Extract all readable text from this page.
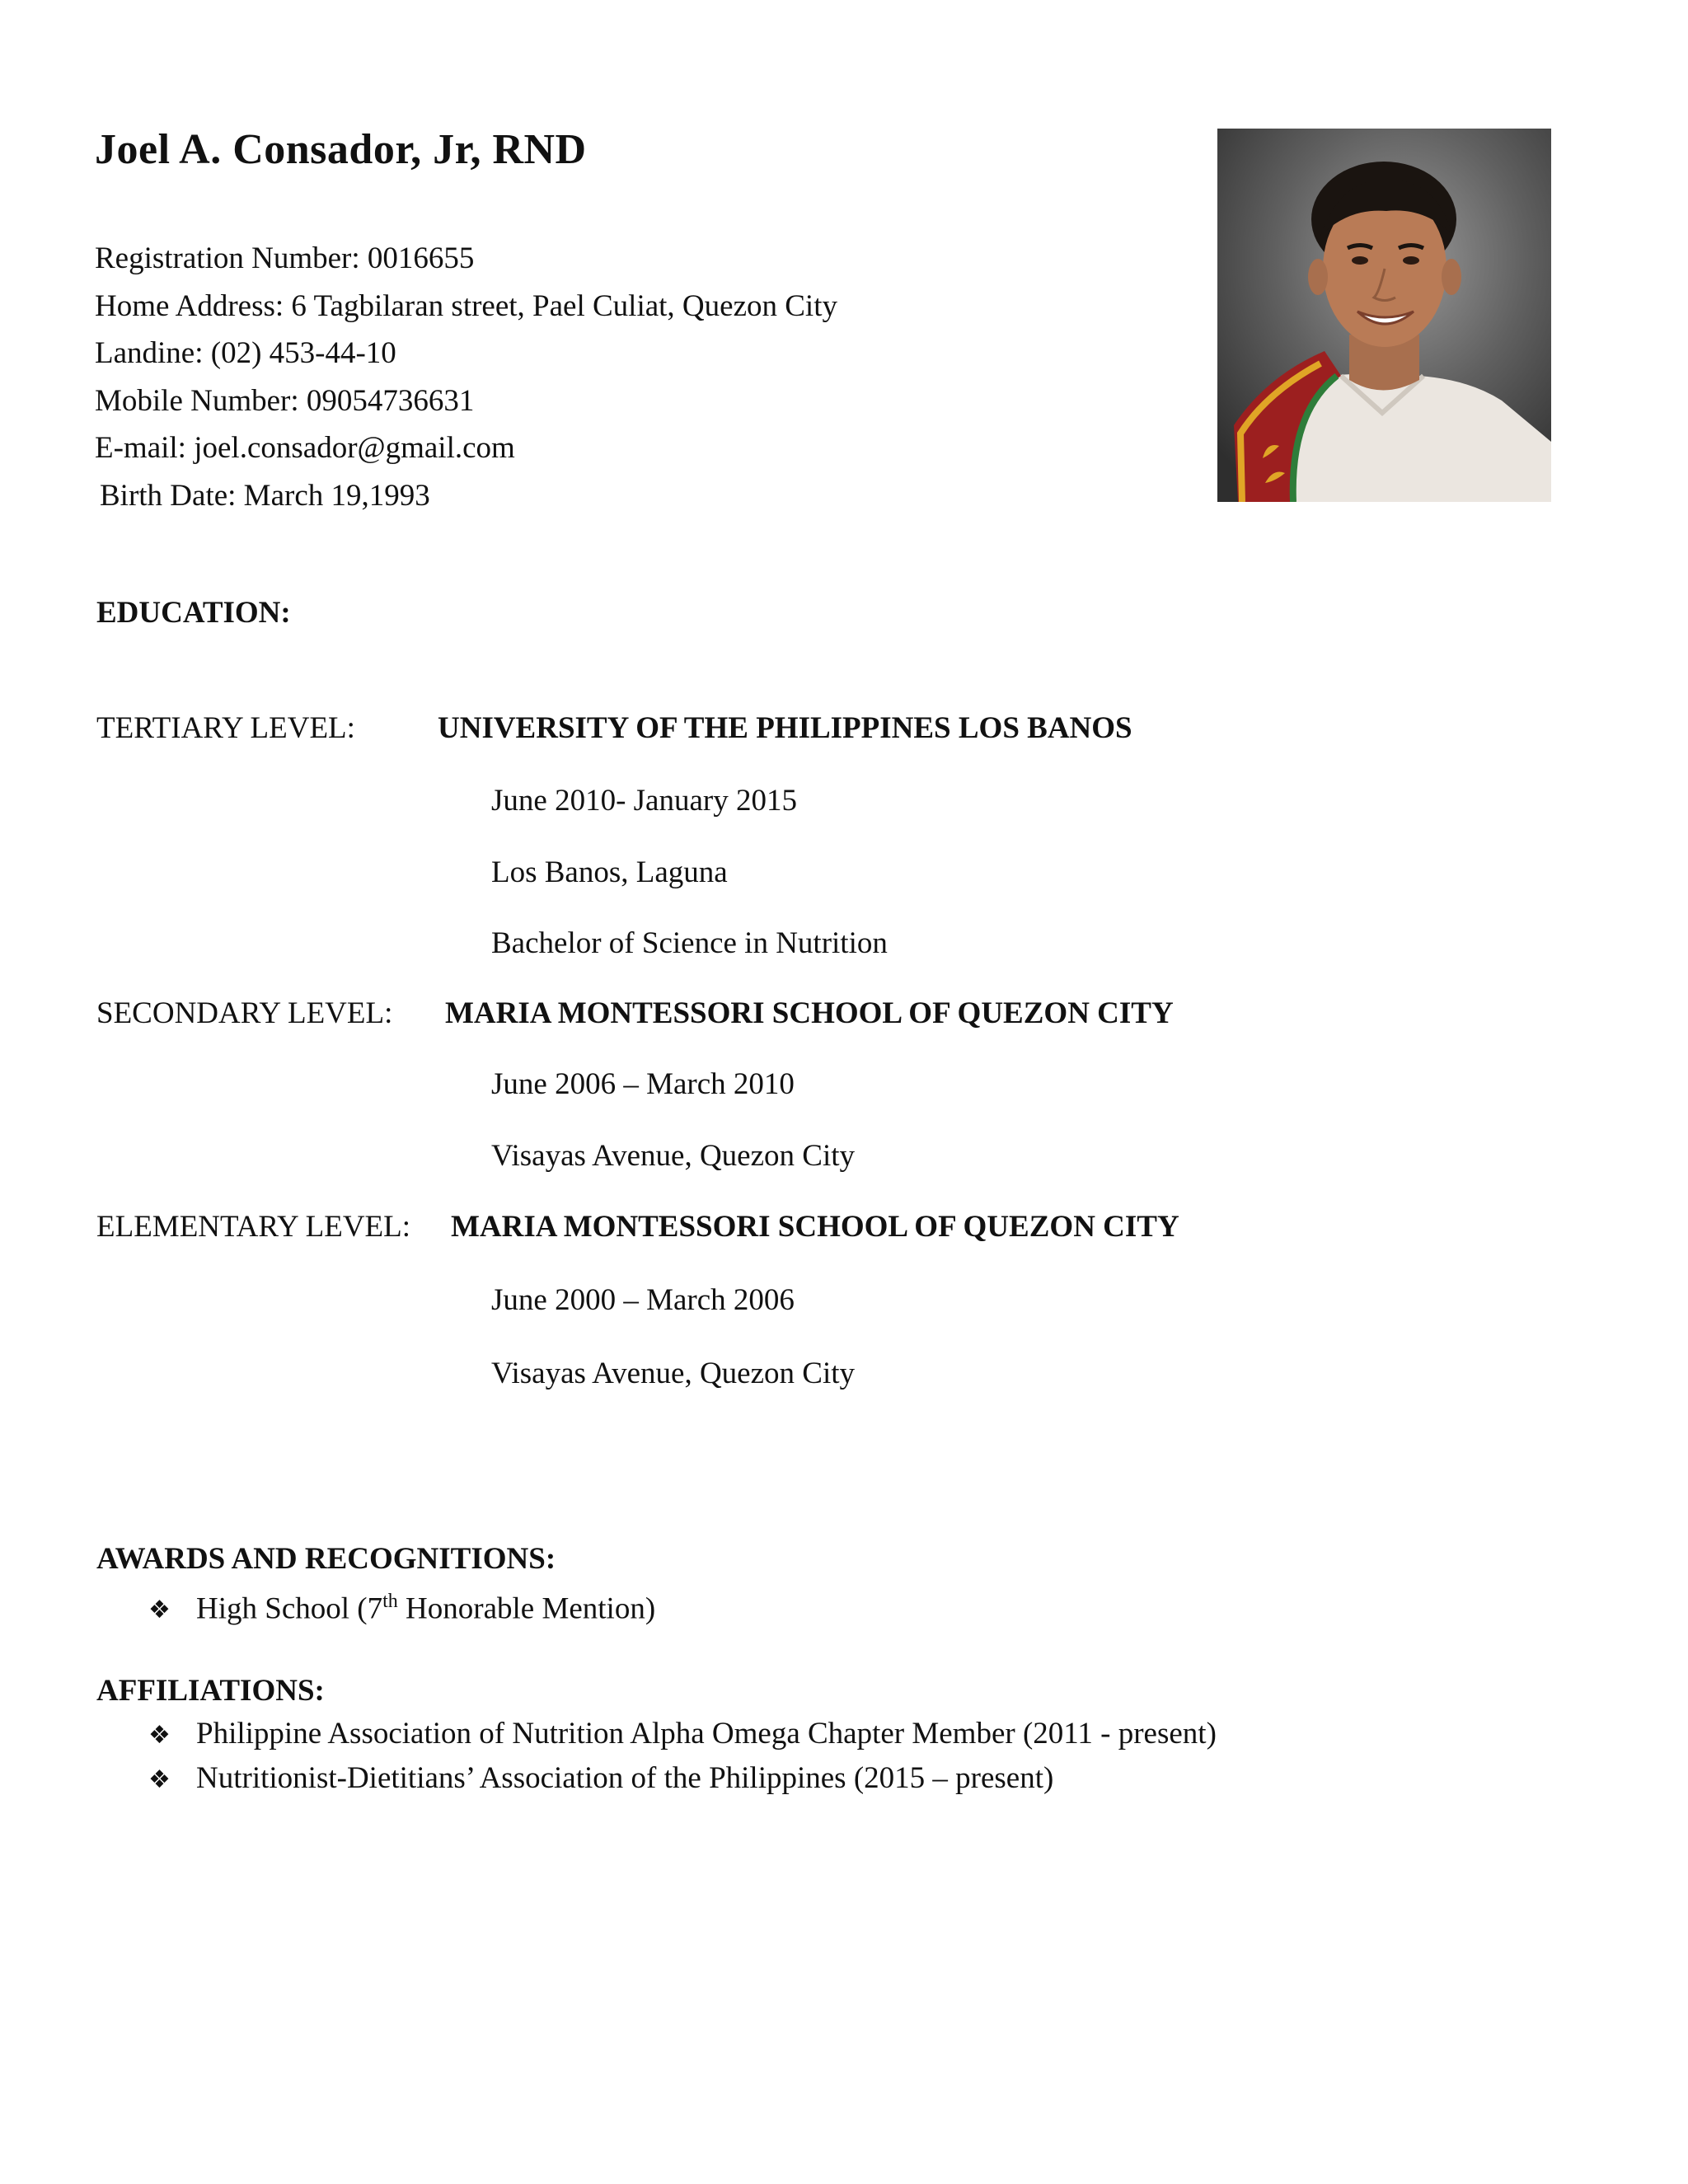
Joel A. Consador, Jr, RND
Registration Number: 0016655
Home Address: 6 Tagbilaran street, Pael Culiat, Quezon City
Landine: (02) 453-44-10
Mobile Number: 09054736631
E-mail: joel.consador@gmail.com
Birth Date: March 19,1993
EDUCATION:
TERTIARY LEVEL:	UNIVERSITY OF THE PHILIPPINES LOS BANOS
June 2010- January 2015
Los Banos, Laguna
Bachelor of Science in Nutrition
SECONDARY LEVEL: MARIA MONTESSORI SCHOOL OF QUEZON CITY
June 2006 – March 2010
Visayas Avenue, Quezon City
ELEMENTARY LEVEL: MARIA MONTESSORI SCHOOL OF QUEZON CITY
June 2000 – March 2006
Visayas Avenue, Quezon City
AWARDS AND RECOGNITIONS:
❖ High School (7th Honorable Mention)
AFFILIATIONS:
❖ Philippine Association of Nutrition Alpha Omega Chapter Member (2011 - present)
❖ Nutritionist-Dietitians’ Association of the Philippines (2015 – present)
